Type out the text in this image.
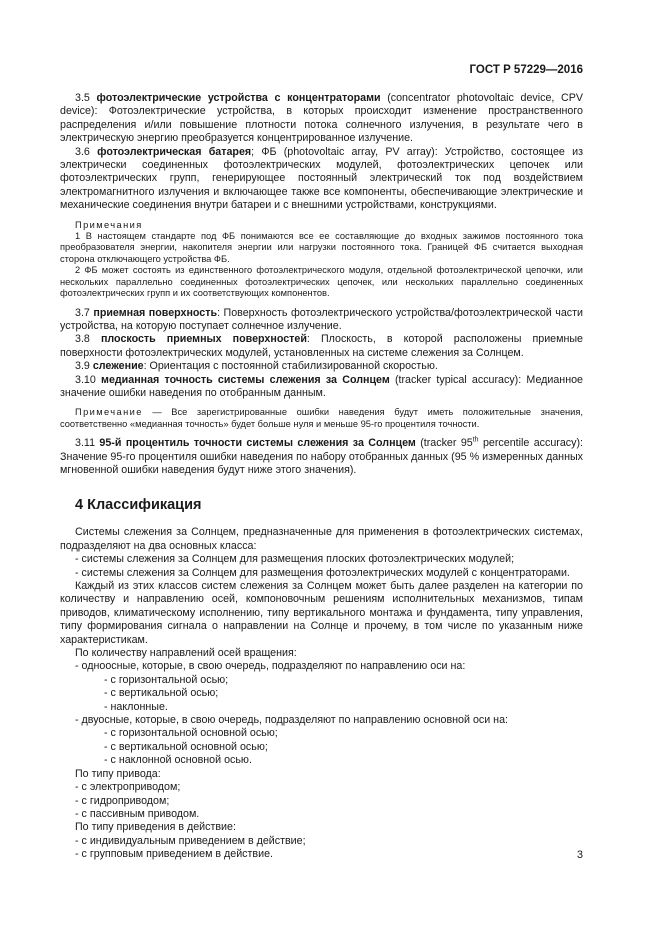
ГОСТ Р 57229—2016

3.5 фотоэлектрические устройства с концентраторами (concentrator photovoltaic device, CPV device): Фотоэлектрические устройства, в которых происходит изменение пространственного распределения и/или повышение плотности потока солнечного излучения, в результате чего в электрическую энергию преобразуется концентрированное излучение.

3.6 фотоэлектрическая батарея; ФБ (photovoltaic array, PV array): Устройство, состоящее из электрически соединенных фотоэлектрических модулей, фотоэлектрических цепочек или фотоэлектрических групп, генерирующее постоянный электрический ток под воздействием электромагнитного излучения и включающее также все компоненты, обеспечивающие электрические и механические соединения внутри батареи и с внешними устройствами, конструкциями.

Примечания

1 В настоящем стандарте под ФБ понимаются все ее составляющие до входных зажимов постоянного тока преобразователя энергии, накопителя энергии или нагрузки постоянного тока. Границей ФБ считается выходная сторона отключающего устройства ФБ.

2 ФБ может состоять из единственного фотоэлектрического модуля, отдельной фотоэлектрической цепочки, или нескольких параллельно соединенных фотоэлектрических цепочек, или нескольких параллельно соединенных фотоэлектрических групп и их соответствующих компонентов.

3.7 приемная поверхность: Поверхность фотоэлектрического устройства/фотоэлектрической части устройства, на которую поступает солнечное излучение.

3.8 плоскость приемных поверхностей: Плоскость, в которой расположены приемные поверхности фотоэлектрических модулей, установленных на системе слежения за Солнцем.

3.9 слежение: Ориентация с постоянной стабилизированной скоростью.

3.10 медианная точность системы слежения за Солнцем (tracker typical accuracy): Медианное значение ошибки наведения по отобранным данным.

Примечание — Все зарегистрированные ошибки наведения будут иметь положительные значения, соответственно «медианная точность» будет больше нуля и меньше 95-го процентиля точности.

3.11 95-й процентиль точности системы слежения за Солнцем (tracker 95th percentile accuracy): Значение 95-го процентиля ошибки наведения по набору отобранных данных (95 % измеренных данных мгновенной ошибки наведения будут ниже этого значения).

4 Классификация

Системы слежения за Солнцем, предназначенные для применения в фотоэлектрических системах, подразделяют на два основных класса:

- системы слежения за Солнцем для размещения плоских фотоэлектрических модулей;

- системы слежения за Солнцем для размещения фотоэлектрических модулей с концентраторами.

Каждый из этих классов систем слежения за Солнцем может быть далее разделен на категории по количеству и направлению осей, компоновочным решениям исполнительных механизмов, типам приводов, климатическому исполнению, типу вертикального монтажа и фундамента, типу управления, типу формирования сигнала о направлении на Солнце и прочему, в том числе по указанным ниже характеристикам.

По количеству направлений осей вращения:

- одноосные, которые, в свою очередь, подразделяют по направлению оси на:

- с горизонтальной осью;

- с вертикальной осью;

- наклонные.

- двуосные, которые, в свою очередь, подразделяют по направлению основной оси на:

- с горизонтальной основной осью;

- с вертикальной основной осью;

- с наклонной основной осью.

По типу привода:

- с электроприводом;

- с гидроприводом;

- с пассивным приводом.

По типу приведения в действие:

- с индивидуальным приведением в действие;

- с групповым приведением в действие.	3
